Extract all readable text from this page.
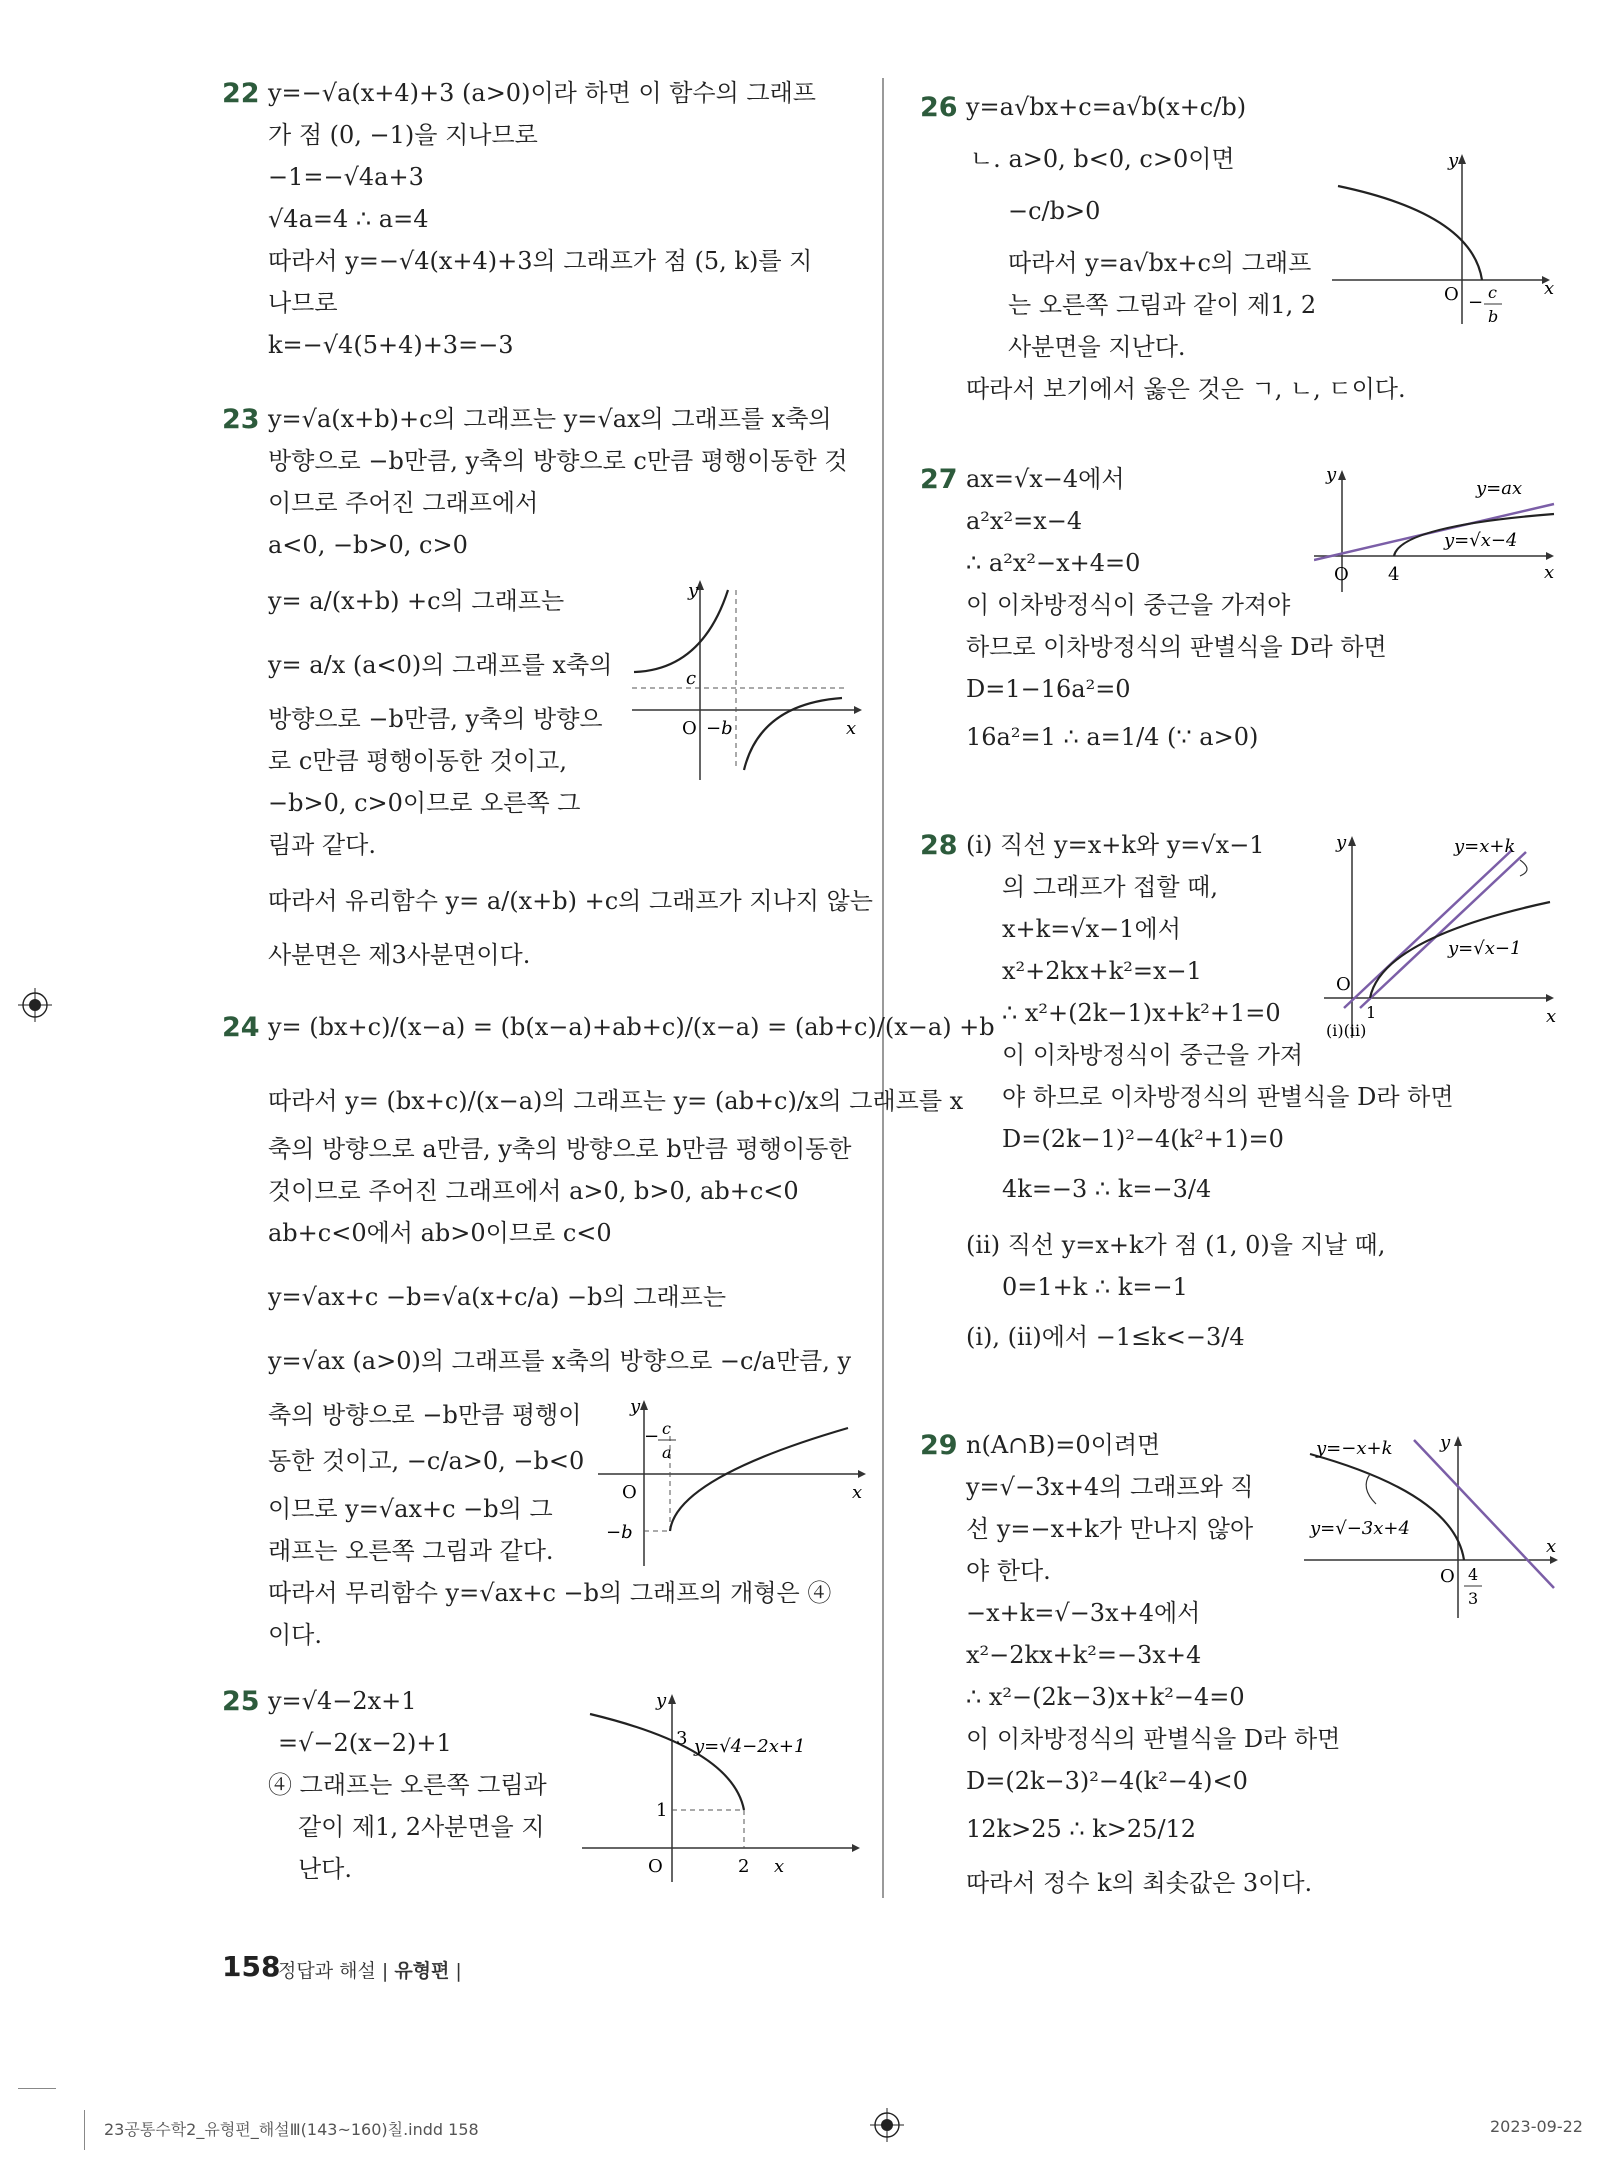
22 y=−√a(x+4)+3 (a>0)이라 하면 이 함수의 그래프
가 점 (0, −1)을 지나므로
−1=−√4a+3
√4a=4 ∴ a=4
따라서 y=−√4(x+4)+3의 그래프가 점 (5, k)를 지
나므로
k=−√4(5+4)+3=−3
23 y=√a(x+b)+c의 그래프는 y=√ax의 그래프를 x축의
방향으로 −b만큼, y축의 방향으로 c만큼 평행이동한 것
이므로 주어진 그래프에서
a<0, −b>0, c>0
y= a/(x+b) +c의 그래프는
y= a/x (a<0)의 그래프를 x축의
방향으로 −b만큼, y축의 방향으
로 c만큼 평행이동한 것이고,
−b>0, c>0이므로 오른쪽 그
림과 같다.
따라서 유리함수 y= a/(x+b) +c의 그래프가 지나지 않는
사분면은 제3사분면이다.
y
x
O
c
−b
24 y= (bx+c)/(x−a) = (b(x−a)+ab+c)/(x−a) = (ab+c)/(x−a) +b
따라서 y= (bx+c)/(x−a)의 그래프는 y= (ab+c)/x의 그래프를 x
축의 방향으로 a만큼, y축의 방향으로 b만큼 평행이동한
것이므로 주어진 그래프에서 a>0, b>0, ab+c<0
ab+c<0에서 ab>0이므로 c<0
y=√ax+c −b=√a(x+c/a) −b의 그래프는
y=√ax (a>0)의 그래프를 x축의 방향으로 −c/a만큼, y
축의 방향으로 −b만큼 평행이
동한 것이고, −c/a>0, −b<0
이므로 y=√ax+c −b의 그
래프는 오른쪽 그림과 같다.
따라서 무리함수 y=√ax+c −b의 그래프의 개형은 ④
이다.
y
x
O
− c
a
−b
25 y=√4−2x+1
=√−2(x−2)+1
④ 그래프는 오른쪽 그림과
같이 제1, 2사분면을 지
난다.
y
x
O
3
1
2
y=√4−2x+1
26 y=a√bx+c=a√b(x+c/b)
ㄴ. a>0, b<0, c>0이면
−c/b>0
따라서 y=a√bx+c의 그래프
는 오른쪽 그림과 같이 제1, 2
사분면을 지난다.
따라서 보기에서 옳은 것은 ㄱ, ㄴ, ㄷ이다.
y
x
O − c
b
27 ax=√x−4에서
a²x²=x−4
∴ a²x²−x+4=0
이 이차방정식이 중근을 가져야
하므로 이차방정식의 판별식을 D라 하면
D=1−16a²=0
16a²=1 ∴ a=1/4 (∵ a>0)
y
x
O 4
y=ax
y=√x−4
28 (ⅰ) 직선 y=x+k와 y=√x−1
의 그래프가 접할 때,
x+k=√x−1에서
x²+2kx+k²=x−1
∴ x²+(2k−1)x+k²+1=0
이 이차방정식이 중근을 가져
야 하므로 이차방정식의 판별식을 D라 하면
D=(2k−1)²−4(k²+1)=0
4k=−3 ∴ k=−3/4
(ⅱ) 직선 y=x+k가 점 (1, 0)을 지날 때,
0=1+k ∴ k=−1
(ⅰ), (ⅱ)에서 −1≤k<−3/4
y
x
O
1
(ⅰ)(ⅱ)
y=x+k
y=√x−1
29 n(A∩B)=0이려면
y=√−3x+4의 그래프와 직
선 y=−x+k가 만나지 않아
야 한다.
−x+k=√−3x+4에서
x²−2kx+k²=−3x+4
∴ x²−(2k−3)x+k²−4=0
이 이차방정식의 판별식을 D라 하면
D=(2k−3)²−4(k²−4)<0
12k>25 ∴ k>25/12
따라서 정수 k의 최솟값은 3이다.
y
x
O 4
3
y=−x+k
y=√−3x+4
158
정답과 해설 | 유형편 |
23공통수학2_유형편_해설Ⅲ(143~160)칠.indd 158	2023-09-22
